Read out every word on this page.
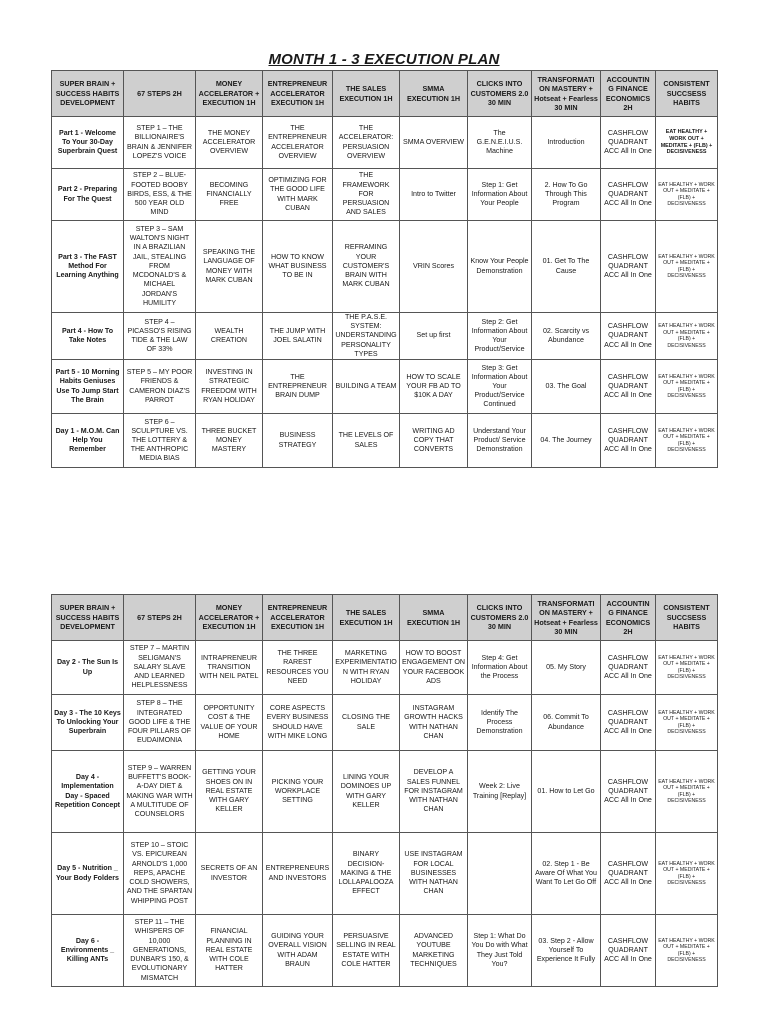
MONTH 1 - 3 EXECUTION PLAN
SUPER BRAIN + SUCCESS HABITS DEVELOPMENT	67 STEPS 2H	MONEY ACCELERATOR + EXECUTION 1H	ENTREPRENEUR ACCELERATOR EXECUTION 1H	THE SALES EXECUTION 1H	SMMA EXECUTION 1H	CLICKS INTO CUSTOMERS 2.0 30 MIN	TRANSFORMATI ON MASTERY + Hotseat + Fearless 30 MIN	ACCOUNTIN G FINANCE ECONOMICS 2H	CONSISTENT SUCCSESS HABITS
Part 1 - Welcome To Your 30-Day Superbrain Quest	STEP 1 – THE BILLIONAIRE'S BRAIN & JENNIFER LOPEZ'S VOICE	THE MONEY ACCELERATOR OVERVIEW	THE ENTREPRENEUR ACCELERATOR OVERVIEW	THE ACCELERATOR: PERSUASION OVERVIEW	SMMA OVERVIEW	The G.E.N.E.I.U.S. Machine	Introduction	CASHFLOW QUADRANT ACC All In One	EAT HEALTHY + WORK OUT + MEDITATE + (FLB) + DECISIVENESS
Part 2 - Preparing For The Quest	STEP 2 – BLUE-FOOTED BOOBY BIRDS, ESS, & THE 500 YEAR OLD MIND	BECOMING FINANCIALLY FREE	OPTIMIZING FOR THE GOOD LIFE WITH MARK CUBAN	THE FRAMEWORK FOR PERSUASION AND SALES	Intro to Twitter	Step 1: Get Information About Your People	2. How To Go Through This Program	CASHFLOW QUADRANT ACC All In One	EAT HEALTHY + WORK OUT + MEDITATE + (FLB) + DECISIVENESS
Part 3 - The FAST Method For Learning Anything	STEP 3 – SAM WALTON'S NIGHT IN A BRAZILIAN JAIL, STEALING FROM MCDONALD'S & MICHAEL JORDAN'S HUMILITY	SPEAKING THE LANGUAGE OF MONEY WITH MARK CUBAN	HOW TO KNOW WHAT BUSINESS TO BE IN	REFRAMING YOUR CUSTOMER'S BRAIN WITH MARK CUBAN	VRIN Scores	Know Your People Demonstration	01. Get To The Cause	CASHFLOW QUADRANT ACC All In One	EAT HEALTHY + WORK OUT + MEDITATE + (FLB) + DECISIVENESS
Part 4 - How To Take Notes	STEP 4 – PICASSO'S RISING TIDE & THE LAW OF 33%	WEALTH CREATION	THE JUMP WITH JOEL SALATIN	THE P.A.S.E. SYSTEM: UNDERSTANDING PERSONALITY TYPES	Set up first	Step 2: Get Information About Your Product/Service	02. Scarcity vs Abundance	CASHFLOW QUADRANT ACC All In One	EAT HEALTHY + WORK OUT + MEDITATE + (FLB) + DECISIVENESS
Part 5 - 10 Morning Habits Geniuses Use To Jump Start The Brain	STEP 5 – MY POOR FRIENDS & CAMERON DIAZ'S PARROT	INVESTING IN STRATEGIC FREEDOM WITH RYAN HOLIDAY	THE ENTREPRENEUR BRAIN DUMP	BUILDING A TEAM	HOW TO SCALE YOUR FB AD TO $10K A DAY	Step 3: Get Information About Your Product/Service Continued	03. The Goal	CASHFLOW QUADRANT ACC All In One	EAT HEALTHY + WORK OUT + MEDITATE + (FLB) + DECISIVENESS
Day 1 - M.O.M. Can Help You Remember	STEP 6 – SCULPTURE VS. THE LOTTERY & THE ANTHROPIC MEDIA BIAS	THREE BUCKET MONEY MASTERY	BUSINESS STRATEGY	THE LEVELS OF SALES	WRITING AD COPY THAT CONVERTS	Understand Your Product/ Service Demonstration	04. The Journey	CASHFLOW QUADRANT ACC All In One	EAT HEALTHY + WORK OUT + MEDITATE + (FLB) + DECISIVENESS
SUPER BRAIN + SUCCESS HABITS DEVELOPMENT	67 STEPS 2H	MONEY ACCELERATOR + EXECUTION 1H	ENTREPRENEUR ACCELERATOR EXECUTION 1H	THE SALES EXECUTION 1H	SMMA EXECUTION 1H	CLICKS INTO CUSTOMERS 2.0 30 MIN	TRANSFORMATI ON MASTERY + Hotseat + Fearless 30 MIN	ACCOUNTIN G FINANCE ECONOMICS 2H	CONSISTENT SUCCSESS HABITS
Day 2 - The Sun Is Up	STEP 7 – MARTIN SELIGMAN'S SALARY SLAVE AND LEARNED HELPLESSNESS	INTRAPRENEUR TRANSITION WITH NEIL PATEL	THE THREE RAREST RESOURCES YOU NEED	MARKETING EXPERIMENTATIO N WITH RYAN HOLIDAY	HOW TO BOOST ENGAGEMENT ON YOUR FACEBOOK ADS	Step 4: Get Information About the Process	05. My Story	CASHFLOW QUADRANT ACC All In One	EAT HEALTHY + WORK OUT + MEDITATE + (FLB) + DECISIVENESS
Day 3 - The 10 Keys To Unlocking Your Superbrain	STEP 8 – THE INTEGRATED GOOD LIFE & THE FOUR PILLARS OF EUDAIMONIA	OPPORTUNITY COST & THE VALUE OF YOUR HOME	CORE ASPECTS EVERY BUSINESS SHOULD HAVE WITH MIKE LONG	CLOSING THE SALE	INSTAGRAM GROWTH HACKS WITH NATHAN CHAN	Identify The Process Demonstration	06. Commit To Abundance	CASHFLOW QUADRANT ACC All In One	EAT HEALTHY + WORK OUT + MEDITATE + (FLB) + DECISIVENESS
Day 4 - Implementation Day - Spaced Repetition Concept	STEP 9 – WARREN BUFFETT'S BOOK-A-DAY DIET & MAKING WAR WITH A MULTITUDE OF COUNSELORS	GETTING YOUR SHOES ON IN REAL ESTATE WITH GARY KELLER	PICKING YOUR WORKPLACE SETTING	LINING YOUR DOMINOES UP WITH GARY KELLER	DEVELOP A SALES FUNNEL FOR INSTAGRAM WITH NATHAN CHAN	Week 2: Live Training [Replay]	01. How to Let Go	CASHFLOW QUADRANT ACC All In One	EAT HEALTHY + WORK OUT + MEDITATE + (FLB) + DECISIVENESS
Day 5 - Nutrition _ Your Body Folders	STEP 10 – STOIC VS. EPICUREAN ARNOLD'S 1,000 REPS, APACHE COLD SHOWERS, AND THE SPARTAN WHIPPING POST	SECRETS OF AN INVESTOR	ENTREPRENEURS AND INVESTORS	BINARY DECISION-MAKING & THE LOLLAPALOOZA EFFECT	USE INSTAGRAM FOR LOCAL BUSINESSES WITH NATHAN CHAN		02. Step 1 - Be Aware Of What You Want To Let Go Off	CASHFLOW QUADRANT ACC All In One	EAT HEALTHY + WORK OUT + MEDITATE + (FLB) + DECISIVENESS
Day 6 - Environments _ Killing ANTs	STEP 11 – THE WHISPERS OF 10,000 GENERATIONS, DUNBAR'S 150, & EVOLUTIONARY MISMATCH	FINANCIAL PLANNING IN REAL ESTATE WITH COLE HATTER	GUIDING YOUR OVERALL VISION WITH ADAM BRAUN	PERSUASIVE SELLING IN REAL ESTATE WITH COLE HATTER	ADVANCED YOUTUBE MARKETING TECHNIQUES	Step 1: What Do You Do with What They Just Told You?	03. Step 2 - Allow Yourself To Experience It Fully	CASHFLOW QUADRANT ACC All In One	EAT HEALTHY + WORK OUT + MEDITATE + (FLB) + DECISIVENESS
